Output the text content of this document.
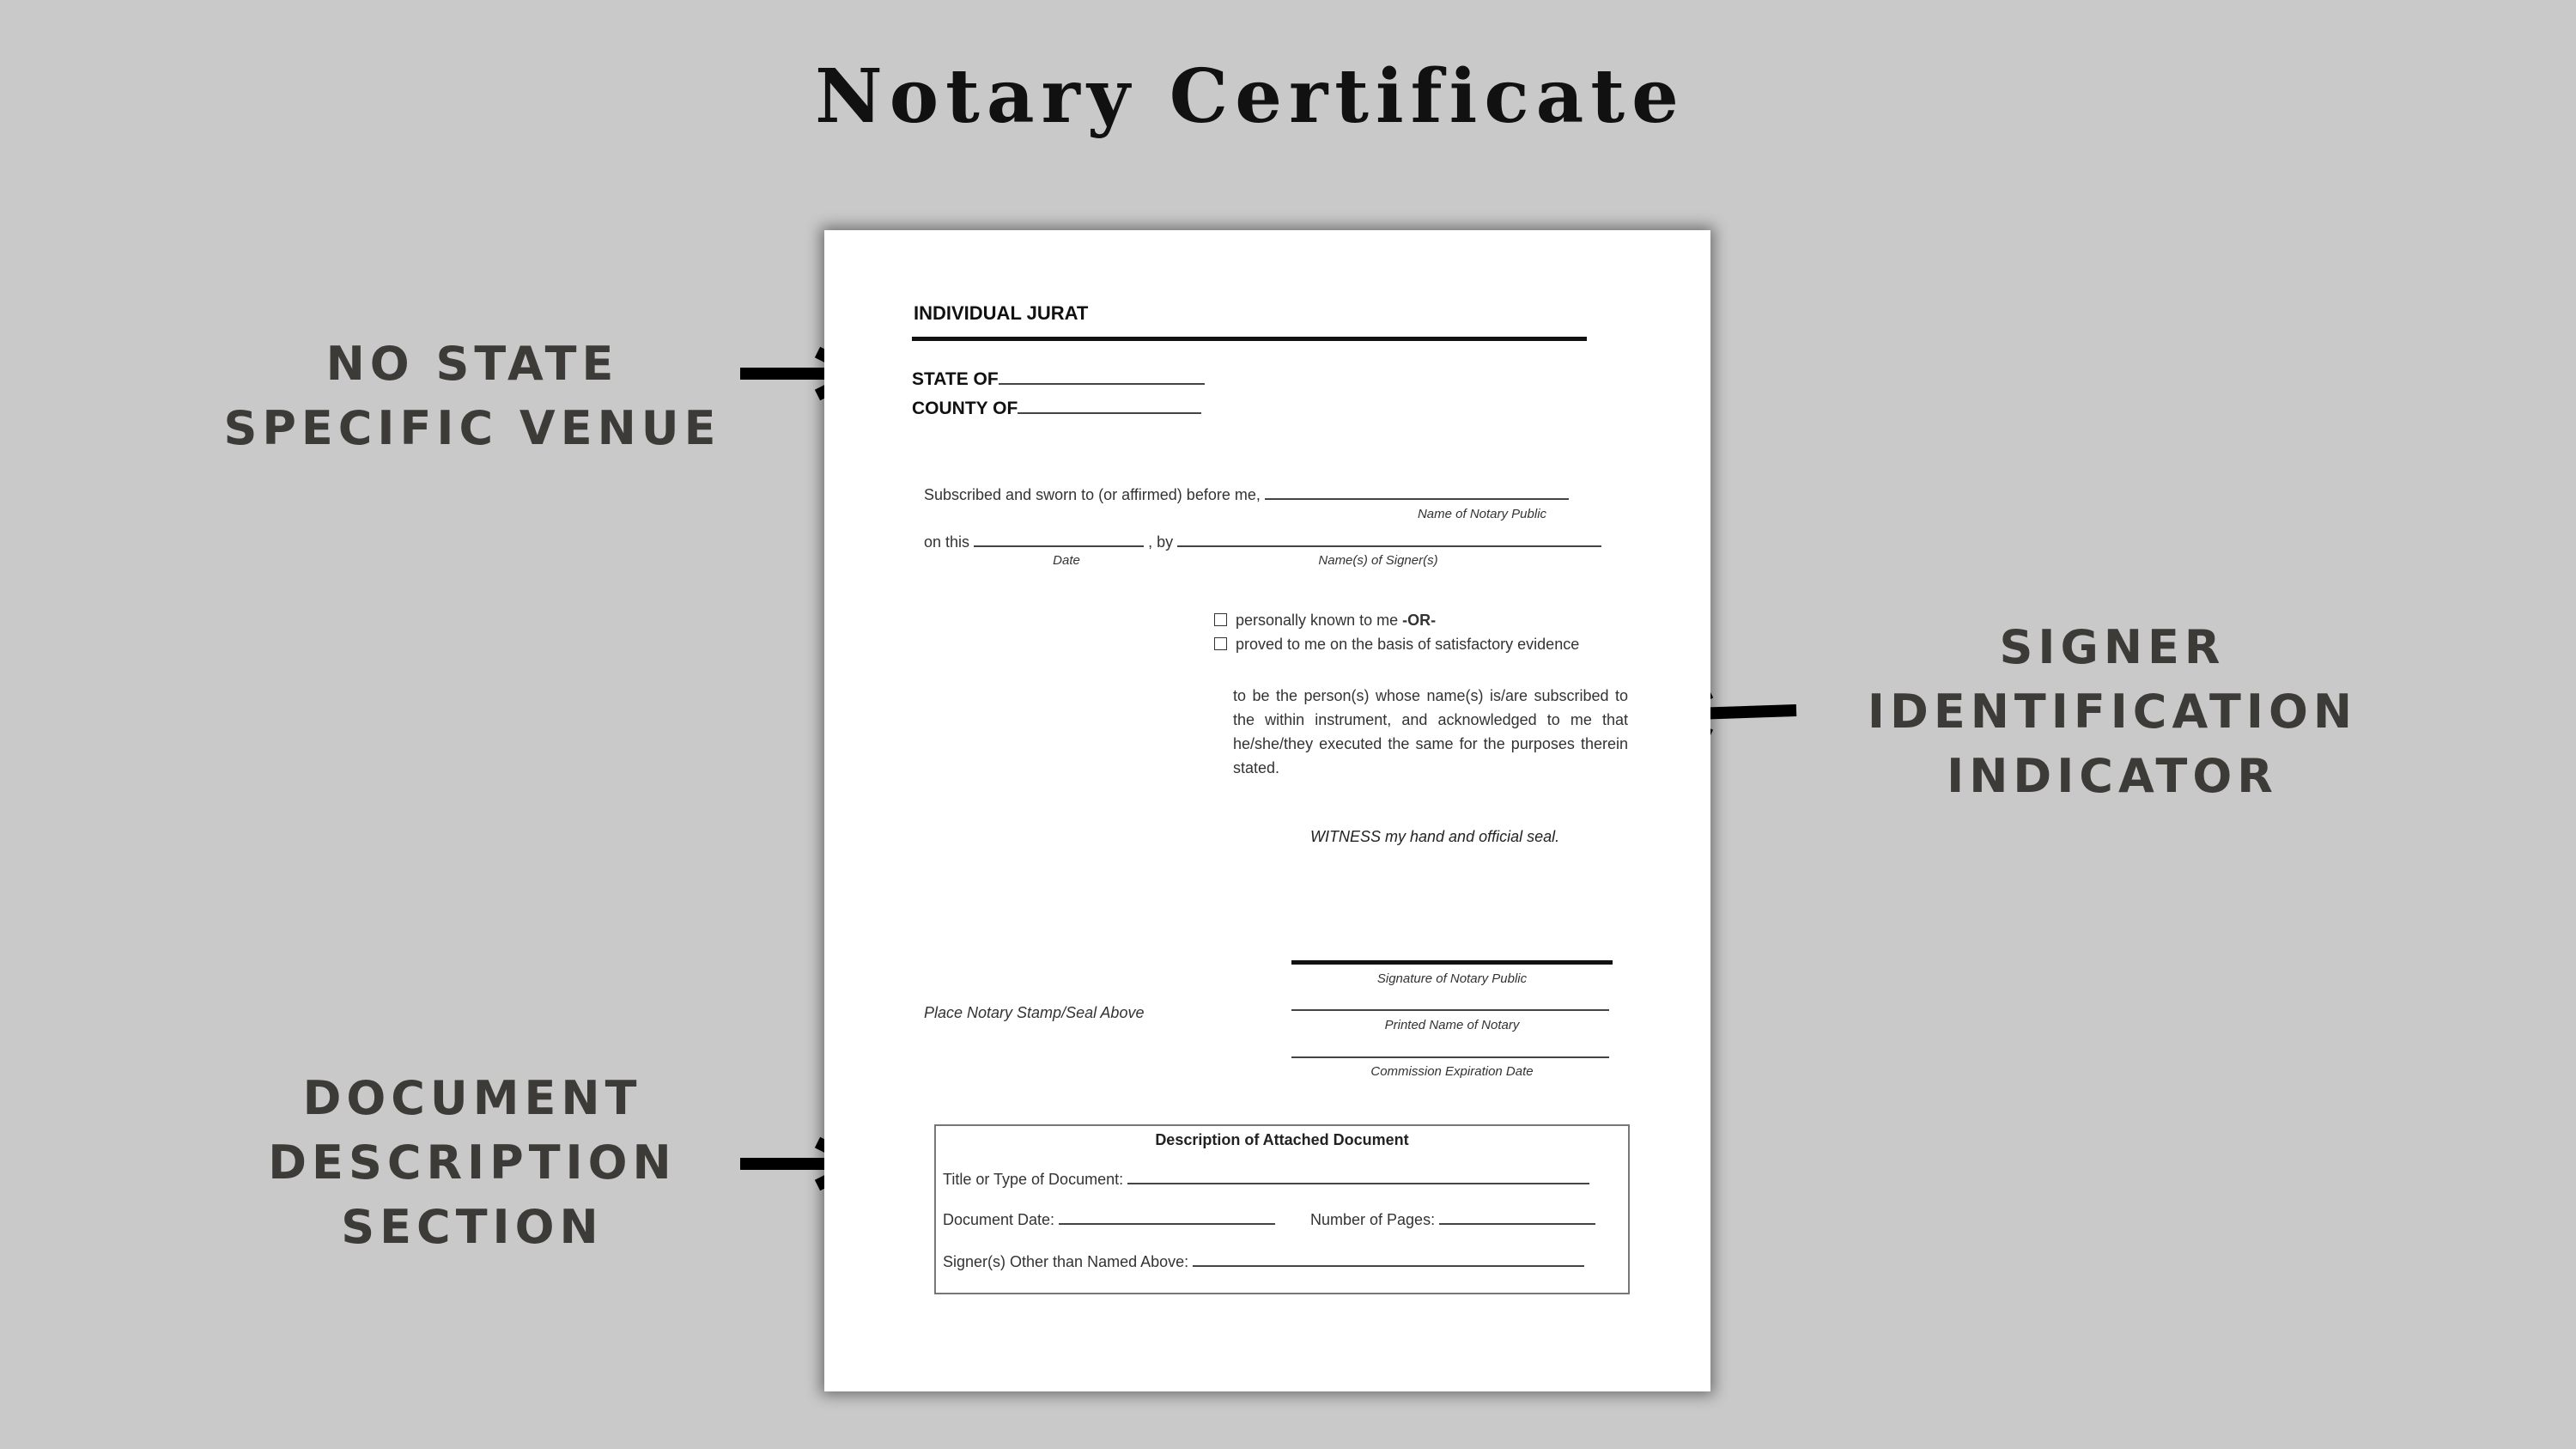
Notary Certificate
NO STATE
SPECIFIC VENUE
SIGNER
IDENTIFICATION
INDICATOR
DOCUMENT
DESCRIPTION
SECTION
INDIVIDUAL JURAT
STATE OF
COUNTY OF
Subscribed and sworn to (or affirmed) before me,
Name of Notary Public
on this	, by
Date	Name(s) of Signer(s)
personally known to me -OR-
proved to me on the basis of satisfactory evidence
to be the person(s) whose name(s) is/are subscribed to the within instrument, and acknowledged to me that he/she/they executed the same for the purposes therein stated.
WITNESS my hand and official seal.
Signature of Notary Public
Printed Name of Notary
Commission Expiration Date
Place Notary Stamp/Seal Above
Description of Attached Document
Title or Type of Document:
Document Date:	Number of Pages:
Signer(s) Other than Named Above:
